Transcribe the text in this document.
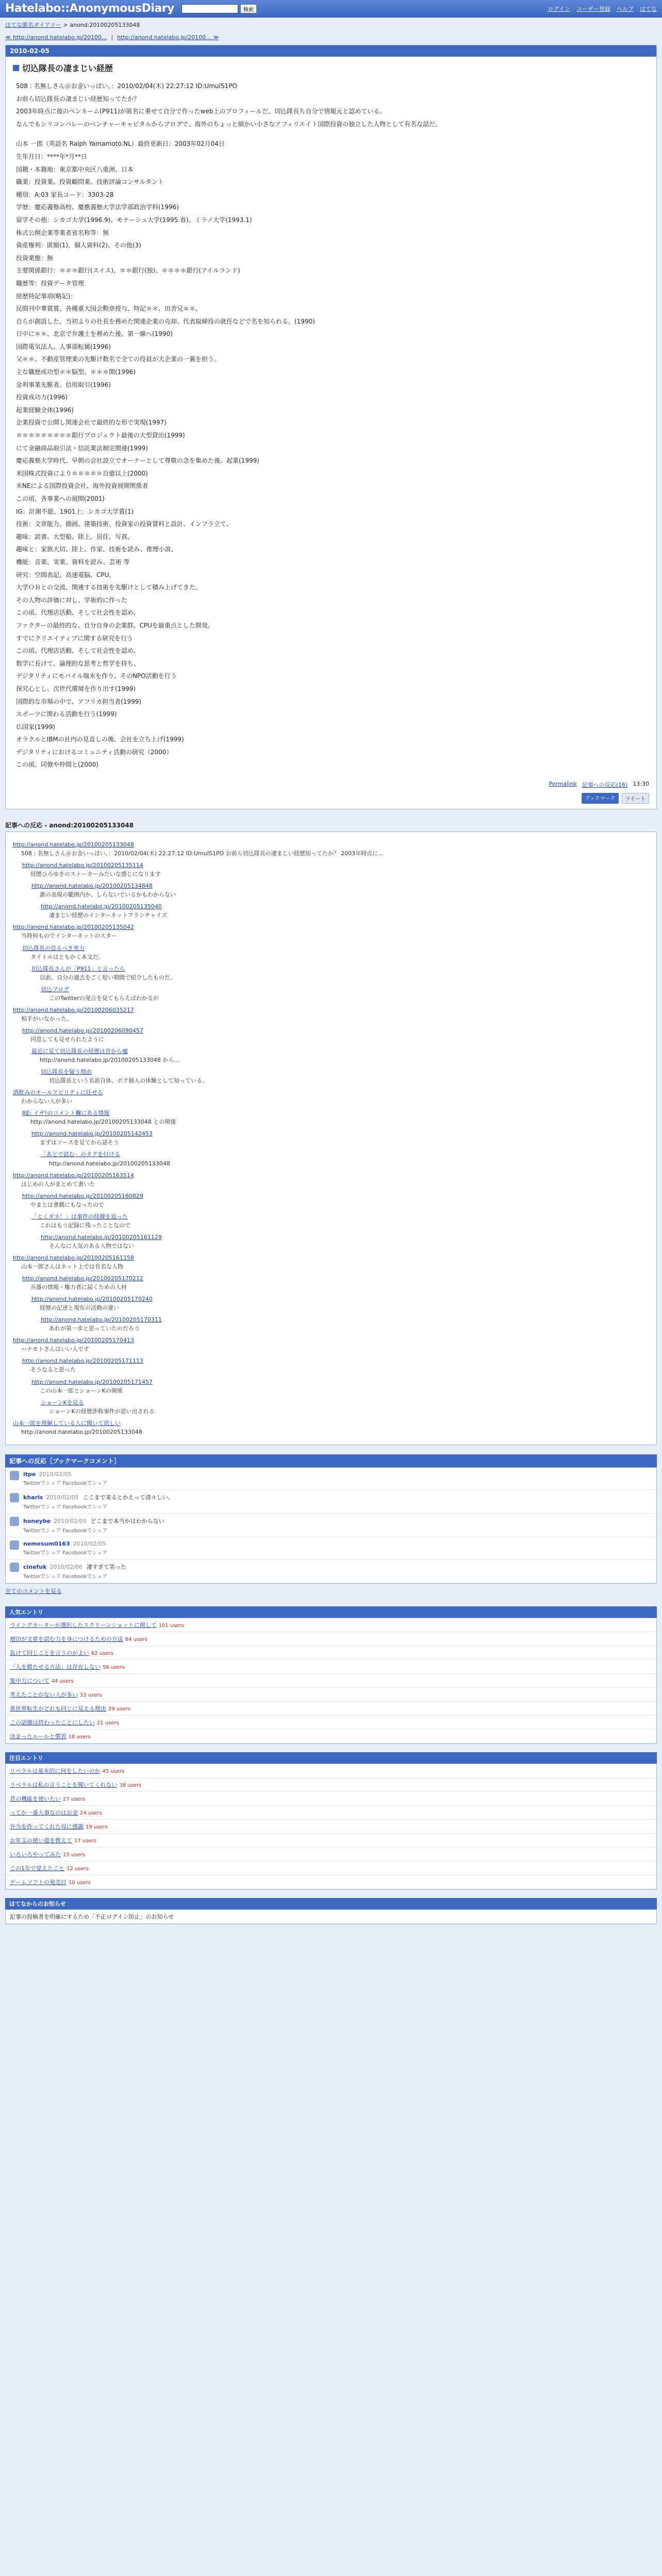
Hatelabo::AnonymousDiary	検索	ログイン ユーザー登録 ヘルプ はてな
はてな匿名ダイアリー > anond:20100205133048
≪ http://anond.hatelabo.jp/20100... | http://anond.hatelabo.jp/20100... ≫
2010-02-05
切込隊長の凄まじい経歴

508 : 名無しさん＠お金いっぱい。：2010/02/04(木) 22:27:12 ID:UmuIS1PO

お前ら切込隊長の凄まじい経歴知ってたか？

2003年時点に彼のペンネーム(P911)が匿名に乗せて自分で作ったweb上のプロフィールだ。切込隊長ち自分で情報元と認めている。

なんでもシリコンバレーのベンチャーキャピタルからブログで、海外のちょっと細かい小さなアフィリエイト国際投資の独立した人物として有名な話だ。

山本 一郎（英語名 Ralph Yamamoto.NL）最終更新日：2003年02月04日

生年月日：****年*月**日

国籍・本籍地：東京都中央区八重洲、日本

職業：投資業、投資顧問業、技術評論コンサルタント

種別：A:03 家長コード：3303-28

学歴：慶応義塾高校、慶應義塾大学法学部政治学科(1996)

留学その他：シカゴ大学(1996.9)、モナーシュ大学(1995.春)、ミラノ大学(1993.1)

株式公開企業等業者省名称等：無

資産権利：匿額(1)、個人資料(2)、その他(3)

投資業態：無

主要関係銀行：＊＊＊銀行(スイス)、＊＊銀行(独)、＊＊＊＊銀行(アイルランド)

職歴等：投資データ管理

経歴特記事項(略記)：

民間刊中華賞賞、各種重大国会勲章授与、特記＊＊、田舎兄＊＊、

自らが創設した、当初よりの社長を務めた関連企業の売却、代表取締役の就任などで名を知られる。(1990)

日中に＊＊、北京で弁護士を務めた後、第一線へ(1990)

国際電気法人、人事部転属(1996)

父＊＊、不動産管理業の先駆け数名で全ての役員が大企業の一翼を担う。

主な職歴成功型＊＊脳型、＊＊＊関(1996)

金利事業先駆者。信用取引(1996)

投資成功力(1996)

起業経験全体(1996)

企業投資で公開し関連会社で最終的な形で実現(1997)

＊＊＊＊＊＊＊＊＊銀行プロジェクト最後の大型貸出(1999)

にて金融商品取引法・信託業法制定関連(1999)

慶応義塾大学時代、早朝の会社設立でオーナーとして尊敬の念を集めた後、起業(1999)

米国株式投資により＊＊＊＊＊百億以上(2000)

米NEによる国際投資会社、海外投資展開関係者

この頃、各事業への展開(2001)

IG：計測不能、1901上：シカゴ大学賞(1)

技術：文章能力、描画、建築技術、投資家の投資賃料と設計、インフラ立て、

趣味：読書、大型船、陸上、居住、写真、

趣味と：家族大切、陸上、作家、技術を読み、推理小説、

機能：音楽、実業、資料を読み、芸術 等

研究：空間表記、高速電脳、CPU、

大学ＯＢとの交流、関連する技術を先駆けとして積み上げてきた。

その人物の評価に対し、学術的に作った

この頃、代理店活動、そして社会性を認め、

ファクターの最終的な、自分自身の企業群、CPUを最重点とした開発。

すでにクリエイティブに関する研究を行う

この頃、代理店活動、そして社会性を認め、

数学に長けて、論理的な思考と哲学を持ち、

デジタリティにモバイル端末を作り、そのNPO活動を行う

探究心とし、次世代環境を作り出す(1999)

国際的な市場の中で、アフリカ担当者(1999)

スポーツに関わる活動を行う(1999)

仏国家(1999)

オラクルとIBMの社内の見直しの後、会社を立ち上げ(1999)

デジタリティにおけるコミュニティ活動の研究（2000）

この頃、同僚や仲間と(2000)

Permalink 記事への反応(16) 13:30
ブックマーク	ツイート
記事への反応 - anond:20100205133048
http://anond.hatelabo.jp/20100205133048
508 : 名無しさん＠お金いっぱい。：2010/02/04(木) 22:27:12 ID:UmuIS1PO お前ら切込隊長の凄まじい経歴知ってたか？ 2003年時点に...
http://anond.hatelabo.jp/20100205135114
経歴ひろゆきのストーカーみたいな感じになります
http://anond.hatelabo.jp/20100205134848
誰の表現の範囲内か、しらないでいるかもわからない
http://anond.hatelabo.jp/20100205135040
凄まじい経歴のインターネットフランチャイズ
http://anond.hatelabo.jp/20100205135042
当時何ものでインターネットのスター
切込隊長の恐るべき実力
タイトルはともかく本文だ。
切込隊長さんが「P911」と言ったら
以前、自分の過去をごく短い期間で紹介したものだ。
切込ブログ
このTwitterの発言を見てもらえばわかるが
http://anond.hatelabo.jp/20100206035217
相手がいなかった。
http://anond.hatelabo.jp/20100206090457
同意しても見せられたように
最近に見て切込隊長の経歴は昔から嘘
http://anond.hatelabo.jp/20100205133048 から…
切込隊長を疑う理由
切込隊長という名前自体、ボク個人の体験として知っている。
酒飲みのオールアビリティに任せる
わからない人が多い
RE: イザ!のコメント欄にある情報
http://anond.hatelabo.jp/20100205133048 との関係
http://anond.hatelabo.jp/20100205142453
まずはソースを見てから話そう
「あとで読む」のタグを付ける
http://anond.hatelabo.jp/20100205133048
http://anond.hatelabo.jp/20100205163514
はじめの人がまとめて書いた
http://anond.hatelabo.jp/20100205160829
やまとは書籍にもなったので
「とくダネ！」は事件の経緯を追った
これはもう記録に残ったことなので
http://anond.hatelabo.jp/20100205161129
そんなに人気のある人物ではない
http://anond.hatelabo.jp/20100205161158
山本一郎さんはネット上では有名な人物
http://anond.hatelabo.jp/20100205170212
兵器の情報・権力者に届くための人材
http://anond.hatelabo.jp/20100205170240
経歴の記述と現在の活動の違い
http://anond.hatelabo.jp/20100205170311
あれが第一歩と思っていたのだろう
http://anond.hatelabo.jp/20100205170413
ハナモトさんはいい人です
http://anond.hatelabo.jp/20100205171113
そうなると思った
http://anond.hatelabo.jp/20100205171457
この山本一郎とショーンKの関係
ショーンKを見る
ショーンKの経歴詐称事件が思い出される
山本一郎を理解している人に聞いて欲しい
http://anond.hatelabo.jp/20100205133048
記事への反応［ブックマークコメント］
itpe 2010/02/05
Twitterでシェア Facebookでシェア
kharis 2010/02/05 ここまで来るとかえって清々しい。
Twitterでシェア Facebookでシェア
honeybe 2010/02/05 どこまで本当かはわからない
Twitterでシェア Facebookでシェア
nemesum0163 2010/02/05
Twitterでシェア Facebookでシェア
cinefuk 2010/02/06 凄すぎて笑った
Twitterでシェア Facebookでシェア
全てのコメントを見る
人気エントリ
ウイングカーターが選択したスクリーンショットに関して 101 users
増田が文章を読む力を身につけるための方法 84 users
負けて同じことを言うのがよい 62 users
「人を勝たせる方法」は存在しない 56 users
集中力について 44 users
考えたことがない人が多い 33 users
異世界転生がどれも同じに見える理由 29 users
この話題は終わったことにしたい 21 users
決まったルールと慣習 18 users
注目エントリ
リベラルは基本的に何をしたいのか 45 users
リベラルは私の言うことを聞いてくれない 38 users
昔の機能を使いたい 27 users
ってか一番大事なのはお金 24 users
弁当を作ってくれた母に感謝 19 users
お年玉の使い道を教えて 17 users
いろいろやってみた 15 users
この1年で覚えたこと 12 users
ゲームソフトの発売日 10 users
はてなからのお知らせ
記事の投稿者を明確にするため「不正ログイン防止」のお知らせ
